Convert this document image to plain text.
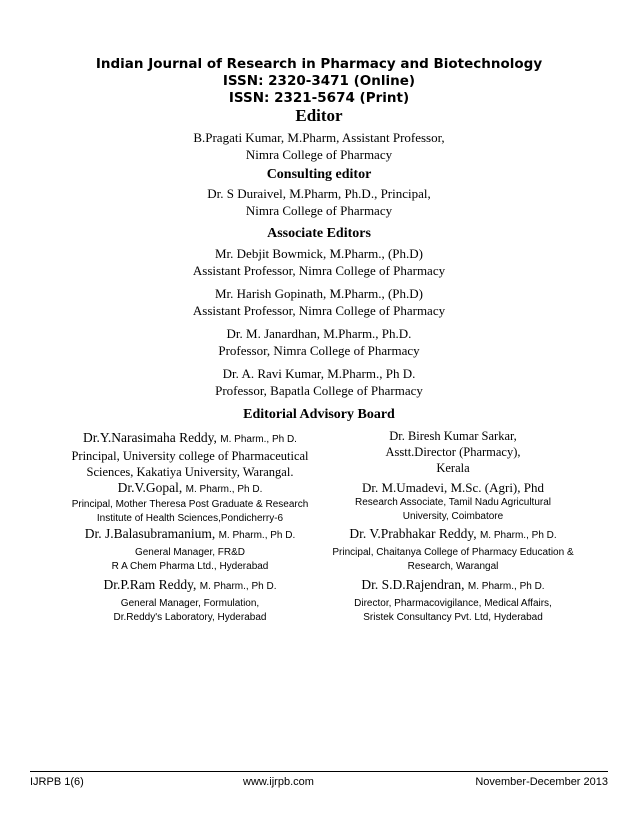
Indian Journal of Research in Pharmacy and Biotechnology
ISSN: 2320-3471 (Online)
ISSN: 2321-5674 (Print)
Editor
B.Pragati Kumar, M.Pharm, Assistant Professor,
Nimra College of Pharmacy
Consulting editor
Dr. S Duraivel, M.Pharm, Ph.D., Principal,
Nimra College of Pharmacy
Associate Editors
Mr. Debjit Bowmick, M.Pharm., (Ph.D)
Assistant Professor, Nimra College of Pharmacy
Mr. Harish Gopinath, M.Pharm., (Ph.D)
Assistant Professor, Nimra College of Pharmacy
Dr. M. Janardhan, M.Pharm., Ph.D.
Professor, Nimra College of Pharmacy
Dr. A. Ravi Kumar, M.Pharm., Ph D.
Professor, Bapatla College of Pharmacy
Editorial Advisory Board
Dr.Y.Narasimaha Reddy, M. Pharm., Ph D.
Principal, University college of Pharmaceutical
Sciences, Kakatiya University, Warangal.
Dr.V.Gopal, M. Pharm., Ph D.
Principal, Mother Theresa Post Graduate & Research
Institute of Health Sciences,Pondicherry-6
Dr. J.Balasubramanium, M. Pharm., Ph D.
General Manager, FR&D
R A Chem Pharma Ltd., Hyderabad
Dr.P.Ram Reddy, M. Pharm., Ph D.
General Manager, Formulation,
Dr.Reddy's Laboratory, Hyderabad
Dr. Biresh Kumar Sarkar,
Asstt.Director (Pharmacy),
Kerala
Dr. M.Umadevi, M.Sc. (Agri), Phd
Research Associate, Tamil Nadu Agricultural
University, Coimbatore
Dr. V.Prabhakar Reddy, M. Pharm., Ph D.
Principal, Chaitanya College of Pharmacy Education &
Research, Warangal
Dr. S.D.Rajendran, M. Pharm., Ph D.
Director, Pharmacovigilance, Medical Affairs,
Sristek Consultancy Pvt. Ltd, Hyderabad
IJRPB 1(6)	www.ijrpb.com	November-December 2013
